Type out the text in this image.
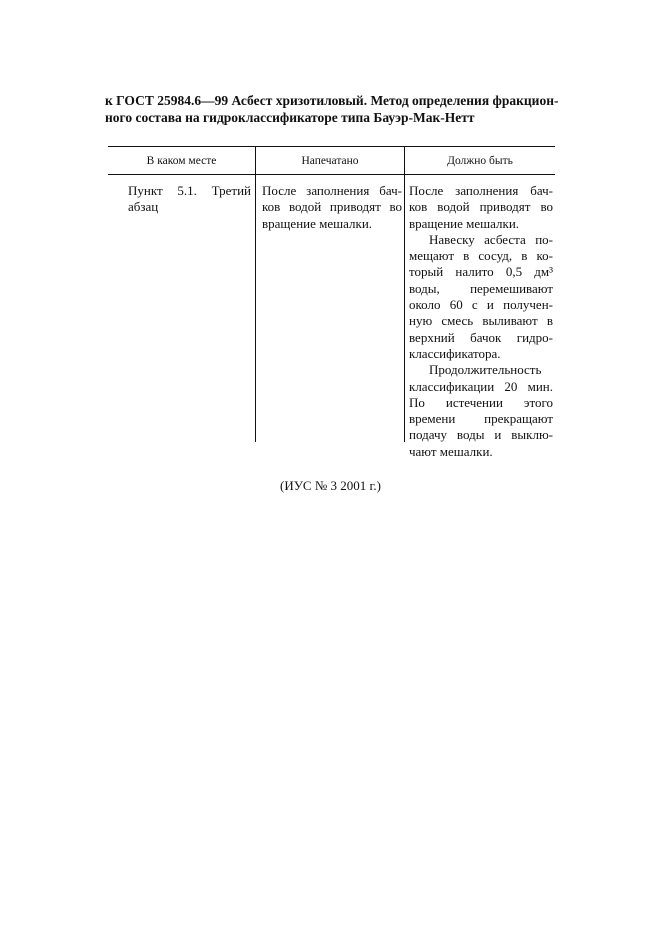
к ГОСТ 25984.6—99 Асбест хризотиловый. Метод определения фракцион-
ного состава на гидроклассификаторе типа Бауэр-Мак-Нетт
В каком месте	Напечатано	Должно быть
Пункт 5.1. Третий
абзац
После заполнения бач-
ков водой приводят во
вращение мешалки.
После заполнения бач-
ков водой приводят во
вращение мешалки.
Навеску асбеста по-
мещают в сосуд, в ко-
торый налито 0,5 дм³
воды, перемешивают
около 60 с и получен-
ную смесь выливают в
верхний бачок гидро-
классификатора.
Продолжительность
классификации 20 мин.
По истечении этого
времени прекращают
подачу воды и выклю-
чают мешалки.
(ИУС № 3 2001 г.)
